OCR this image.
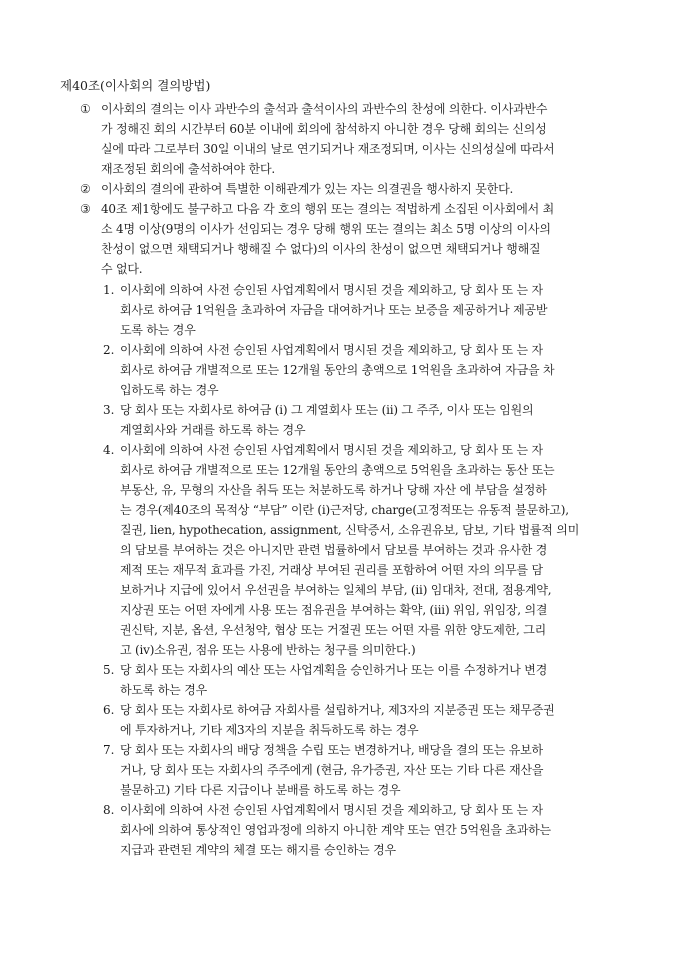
제40조(이사회의 결의방법)
① 이사회의 결의는 이사 과반수의 출석과 출석이사의 과반수의 찬성에 의한다. 이사과반수
가 정해진 회의 시간부터 60분 이내에 회의에 참석하지 아니한 경우 당해 회의는 신의성
실에 따라 그로부터 30일 이내의 날로 연기되거나 재조정되며, 이사는 신의성실에 따라서
재조정된 회의에 출석하여야 한다.
② 이사회의 결의에 관하여 특별한 이해관계가 있는 자는 의결권을 행사하지 못한다.
③ 40조 제1항에도 불구하고 다음 각 호의 행위 또는 결의는 적법하게 소집된 이사회에서 최
소 4명 이상(9명의 이사가 선임되는 경우 당해 행위 또는 결의는 최소 5명 이상의 이사의
찬성이 없으면 채택되거나 행해질 수 없다)의 이사의 찬성이 없으면 채택되거나 행해질
수 없다.
1. 이사회에 의하여 사전 승인된 사업계획에서 명시된 것을 제외하고, 당 회사 또 는 자
회사로 하여금 1억원을 초과하여 자금을 대여하거나 또는 보증을 제공하거나 제공받
도록 하는 경우
2. 이사회에 의하여 사전 승인된 사업계획에서 명시된 것을 제외하고, 당 회사 또 는 자
회사로 하여금 개별적으로 또는 12개월 동안의 총액으로 1억원을 초과하여 자금을 차
입하도록 하는 경우
3. 당 회사 또는 자회사로 하여금 (i) 그 계열회사 또는 (ii) 그 주주, 이사 또는 임원의
계열회사와 거래를 하도록 하는 경우
4. 이사회에 의하여 사전 승인된 사업계획에서 명시된 것을 제외하고, 당 회사 또 는 자
회사로 하여금 개별적으로 또는 12개월 동안의 총액으로 5억원을 초과하는 동산 또는
부동산, 유, 무형의 자산을 취득 또는 처분하도록 하거나 당해 자산 에 부담을 설정하
는 경우(제40조의 목적상 “부담” 이란 (i)근저당, charge(고정적또는 유동적 불문하고),
질권, lien, hypothecation, assignment, 신탁증서, 소유권유보, 담보, 기타 법률적 의미
의 담보를 부여하는 것은 아니지만 관련 법률하에서 담보를 부여하는 것과 유사한 경
제적 또는 재무적 효과를 가진, 거래상 부여된 권리를 포함하여 어떤 자의 의무를 담
보하거나 지급에 있어서 우선권을 부여하는 일체의 부담, (ii) 임대차, 전대, 점용계약,
지상권 또는 어떤 자에게 사용 또는 점유권을 부여하는 확약, (iii) 위임, 위임장, 의결
권신탁, 지분, 옵션, 우선청약, 협상 또는 거절권 또는 어떤 자를 위한 양도제한, 그리
고 (iv)소유권, 점유 또는 사용에 반하는 청구를 의미한다.)
5. 당 회사 또는 자회사의 예산 또는 사업계획을 승인하거나 또는 이를 수정하거나 변경
하도록 하는 경우
6. 당 회사 또는 자회사로 하여금 자회사를 설립하거나, 제3자의 지분증권 또는 채무증권
에 투자하거나, 기타 제3자의 지분을 취득하도록 하는 경우
7. 당 회사 또는 자회사의 배당 정책을 수립 또는 변경하거나, 배당을 결의 또는 유보하
거나, 당 회사 또는 자회사의 주주에게 (현금, 유가증권, 자산 또는 기타 다른 재산을
불문하고) 기타 다른 지급이나 분배를 하도록 하는 경우
8. 이사회에 의하여 사전 승인된 사업계획에서 명시된 것을 제외하고, 당 회사 또 는 자
회사에 의하여 통상적인 영업과정에 의하지 아니한 계약 또는 연간 5억원을 초과하는
지급과 관련된 계약의 체결 또는 해지를 승인하는 경우
